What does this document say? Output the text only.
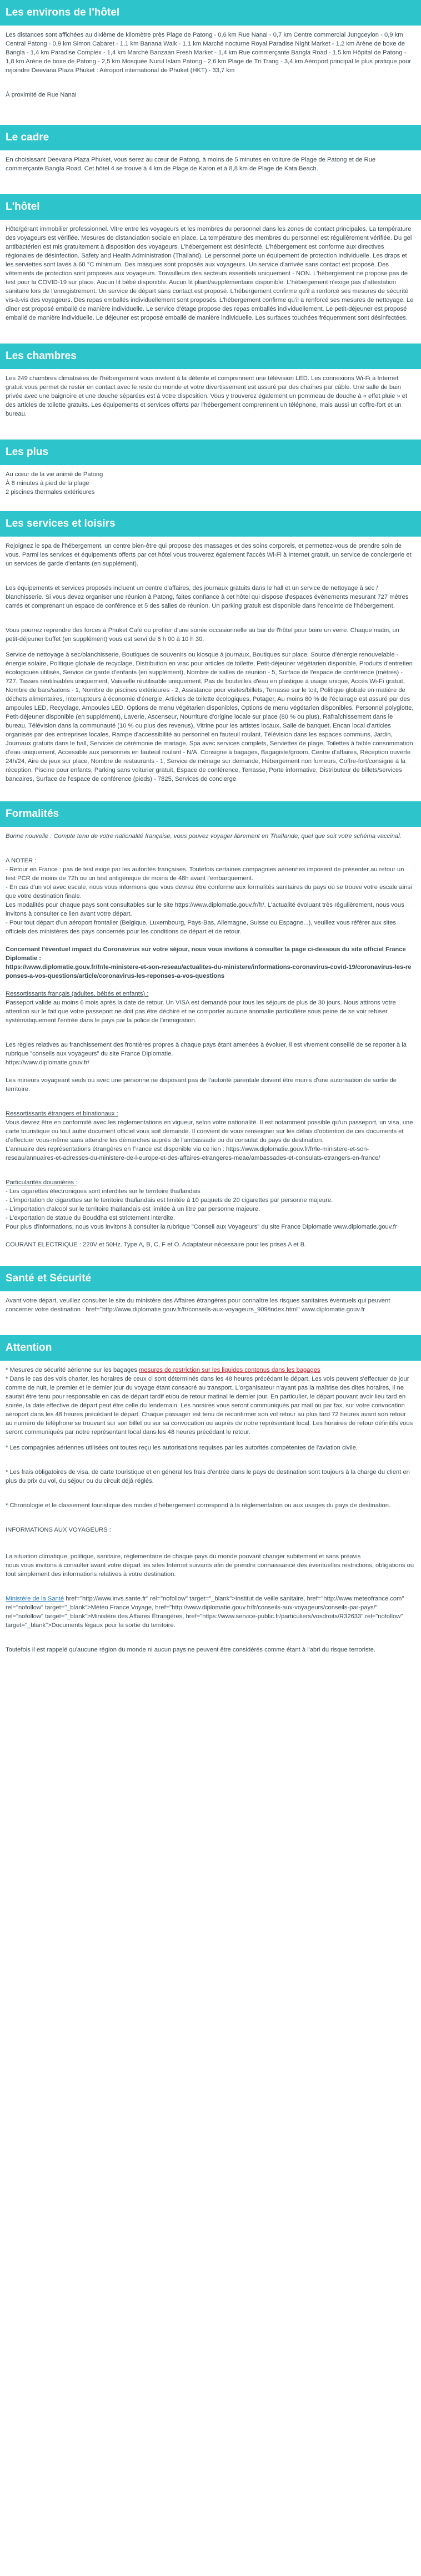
Les environs de l'hôtel

Les distances sont affichées au dixième de kilomètre près Plage de Patong - 0,6 km Rue Nanai - 0,7 km Centre commercial Jungceylon - 0,9 km Central Patong - 0,9 km Simon Cabaret - 1,1 km Banana Walk - 1,1 km Marché nocturne Royal Paradise Night Market - 1,2 km Arène de boxe de Bangla - 1,4 km Paradise Complex - 1,4 km Marché Banzaan Fresh Market - 1,4 km Rue commerçante Bangla Road - 1,5 km Hôpital de Patong - 1,8 km Arène de boxe de Patong - 2,5 km Mosquée Nurul Islam Patong - 2,6 km Plage de Tri Trang - 3,4 km Aéroport principal le plus pratique pour rejoindre Deevana Plaza Phuket : Aéroport international de Phuket (HKT) - 33,7 km

À proximité de Rue Nanai

Le cadre

En choisissant Deevana Plaza Phuket, vous serez au cœur de Patong, à moins de 5 minutes en voiture de Plage de Patong et de Rue commerçante Bangla Road. Cet hôtel 4 se trouve à 4 km de Plage de Karon et à 8,8 km de Plage de Kata Beach.

L'hôtel

Hôte/gérant immobilier professionnel. Vitre entre les voyageurs et les membres du personnel dans les zones de contact principales. La température des voyageurs est vérifiée. Mesures de distanciation sociale en place. La température des membres du personnel est régulièrement vérifiée. Du gel antibactérien est mis gratuitement à disposition des voyageurs. L'hébergement est désinfecté. L'hébergement est conforme aux directives régionales de désinfection. Safety and Health Administration (Thailand). Le personnel porte un équipement de protection individuelle. Les draps et les serviettes sont lavés à 60 °C minimum. Des masques sont proposés aux voyageurs. Un service d'arrivée sans contact est proposé. Des vêtements de protection sont proposés aux voyageurs. Travailleurs des secteurs essentiels uniquement - NON. L'hébergement ne propose pas de test pour la COVID-19 sur place. Aucun lit bébé disponible. Aucun lit pliant/supplémentaire disponible. L'hébergement n'exige pas d'attestation sanitaire lors de l'enregistrement. Un service de départ sans contact est proposé. L'hébergement confirme qu'il a renforcé ses mesures de sécurité vis-à-vis des voyageurs. Des repas emballés individuellement sont proposés. L'hébergement confirme qu'il a renforcé ses mesures de nettoyage. Le dîner est proposé emballé de manière individuelle. Le service d'étage propose des repas emballés individuellement. Le petit-déjeuner est proposé emballé de manière individuelle. Le déjeuner est proposé emballé de manière individuelle. Les surfaces touchées fréquemment sont désinfectées.

Les chambres

Les 249 chambres climatisées de l'hébergement vous invitent à la détente et comprennent une télévision LED. Les connexions Wi-Fi à Internet gratuit vous permet de rester en contact avec le reste du monde et votre divertissement est assuré par des chaînes par câble. Une salle de bain privée avec une baignoire et une douche séparées est à votre disposition. Vous y trouverez également un pommeau de douche à « effet pluie » et des articles de toilette gratuits. Les équipements et services offerts par l'hébergement comprennent un téléphone, mais aussi un coffre-fort et un bureau.

Les plus
Au cœur de la vie animé de Patong
À 8 minutes à pied de la plage
2 piscines thermales extérieures
Les services et loisirs

Rejoignez le spa de l'hébergement, un centre bien-être qui propose des massages et des soins corporels, et permettez-vous de prendre soin de vous. Parmi les services et équipements offerts par cet hôtel vous trouverez également l'accès Wi-Fi à Internet gratuit, un service de conciergerie et un services de garde d'enfants (en supplément).

Les équipements et services proposés incluent un centre d'affaires, des journaux gratuits dans le hall et un service de nettoyage à sec / blanchisserie. Si vous devez organiser une réunion à Patong, faites confiance à cet hôtel qui dispose d'espaces événements mesurant 727 mètres carrés et comprenant un espace de conférence et 5 des salles de réunion. Un parking gratuit est disponible dans l'enceinte de l'hébergement.

Vous pourrez reprendre des forces à Phuket Café ou profiter d'une soirée occasionnelle au bar de l'hôtel pour boire un verre. Chaque matin, un petit-déjeuner buffet (en supplément) vous est servi de 6 h 00 à 10 h 30.

Service de nettoyage à sec/blanchisserie, Boutiques de souvenirs ou kiosque à journaux, Boutiques sur place, Source d'énergie renouvelable - énergie solaire, Politique globale de recyclage, Distribution en vrac pour articles de toilette, Petit-déjeuner végétarien disponible, Produits d'entretien écologiques utilisés, Service de garde d'enfants (en supplément), Nombre de salles de réunion - 5, Surface de l'espace de conférence (mètres) - 727, Tasses réutilisables uniquement, Vaisselle réutilisable uniquement, Pas de bouteilles d'eau en plastique à usage unique, Accès Wi-Fi gratuit, Nombre de bars/salons - 1, Nombre de piscines extérieures - 2, Assistance pour visites/billets, Terrasse sur le toit, Politique globale en matière de déchets alimentaires, Interrupteurs à économie d'énergie, Articles de toilette écologiques, Potager, Au moins 80 % de l'éclairage est assuré par des ampoules LED, Recyclage, Ampoules LED, Options de menu végétarien disponibles, Options de menu végétarien disponibles, Personnel polyglotte, Petit-déjeuner disponible (en supplément), Laverie, Ascenseur, Nourriture d'origine locale sur place (80 % ou plus), Rafraîchissement dans le bureau, Télévision dans la communauté (10 % ou plus des revenus), Vitrine pour les artistes locaux, Salle de banquet, Encan local d'articles organisés par des entreprises locales, Rampe d'accessibilité au personnel en fauteuil roulant, Télévision dans les espaces communs, Jardin, Journaux gratuits dans le hall, Services de cérémonie de mariage, Spa avec services complets, Serviettes de plage, Toilettes à faible consommation d'eau uniquement, Accessible aux personnes en fauteuil roulant - N/A, Consigne à bagages, Bagagiste/groom, Centre d'affaires, Réception ouverte 24h/24, Aire de jeux sur place, Nombre de restaurants - 1, Service de ménage sur demande, Hébergement non fumeurs, Coffre-fort/consigne à la réception, Piscine pour enfants, Parking sans voiturier gratuit, Espace de conférence, Terrasse, Porte informative, Distributeur de billets/services bancaires, Surface de l'espace de conférence (pieds) - 7825, Services de concierge

Formalités

Bonne nouvelle : Compte tenu de votre nationalité française, vous pouvez voyager librement en Thaïlande, quel que soit votre schéma vaccinal.

A NOTER :
- Retour en France : pas de test exigé par les autorités françaises. Toutefois certaines compagnies aériennes imposent de présenter au retour un test PCR de moins de 72h ou un test antigénique de moins de 48h avant l'embarquement.
- En cas d'un vol avec escale, nous vous informons que vous devrez être conforme aux formalités sanitaires du pays où se trouve votre escale ainsi que votre destination finale.
Les modalités pour chaque pays sont consultables sur le site https://www.diplomatie.gouv.fr/fr/. L'actualité évoluant très régulièrement, nous vous invitons à consulter ce lien avant votre départ.
- Pour tout départ d'un aéroport frontalier (Belgique, Luxembourg, Pays-Bas, Allemagne, Suisse ou Espagne...), veuillez vous référer aux sites officiels des ministères des pays concernés pour les conditions de départ et de retour.
Concernant l'éventuel impact du Coronavirus sur votre séjour, nous vous invitons à consulter la page ci-dessous du site officiel France Diplomatie :
https://www.diplomatie.gouv.fr/fr/le-ministere-et-son-reseau/actualites-du-ministere/informations-coronavirus-covid-19/coronavirus-les-reponses-a-vos-questions/article/coronavirus-les-reponses-a-vos-questions
Ressortissants français (adultes, bébés et enfants) :

Passeport valide au moins 6 mois après la date de retour. Un VISA est demandé pour tous les séjours de plus de 30 jours. Nous attirons votre attention sur le fait que votre passeport ne doit pas être déchiré et ne comporter aucune anomalie particulière sous peine de se voir refuser systématiquement l'entrée dans le pays par la police de l'immigration.

Les règles relatives au franchissement des frontières propres à chaque pays étant amenées à évoluer, il est vivement conseillé de se reporter à la rubrique "conseils aux voyageurs" du site France Diplomatie.
https://www.diplomatie.gouv.fr/

Les mineurs voyageant seuls ou avec une personne ne disposant pas de l'autorité parentale doivent être munis d'une autorisation de sortie de territoire.

Ressortissants étrangers et binationaux :
Vous devrez être en conformité avec les réglementations en vigueur, selon votre nationalité. Il est notamment possible qu'un passeport, un visa, une carte touristique ou tout autre document officiel vous soit demandé. Il convient de vous renseigner sur les délais d'obtention de ces documents et d'effectuer vous-même sans attendre les démarches auprès de l'ambassade ou du consulat du pays de destination.

L'annuaire des représentations étrangères en France est disponible via ce lien : https://www.diplomatie.gouv.fr/fr/le-ministere-et-son-reseau/annuaires-et-adresses-du-ministere-de-l-europe-et-des-affaires-etrangeres-meae/ambassades-et-consulats-etrangers-en-france/

Particularités douanières :
- Les cigarettes électroniques sont interdites sur le territoire thaïlandais
- L'importation de cigarettes sur le territoire thaïlandais est limitée à 10 paquets de 20 cigarettes par personne majeure.
- L'importation d'alcool sur le territoire thaïlandais est limitée à un litre par personne majeure.
- L'exportation de statue du Bouddha est strictement interdite.
Pour plus d'informations, nous vous invitons à consulter la rubrique "Conseil aux Voyageurs" du site France Diplomatie www.diplomatie.gouv.fr
COURANT ELECTRIQUE : 220V et 50Hz. Type A, B, C, F et O. Adaptateur nécessaire pour les prises A et B.
Santé et Sécurité

Avant votre départ, veuillez consulter le site du ministère des Affaires étrangères pour connaître les risques sanitaires éventuels qui peuvent concerner votre destination : href="http://www.diplomatie.gouv.fr/fr/conseils-aux-voyageurs_909/index.html" www.diplomatie.gouv.fr

Attention
* Mesures de sécurité aérienne sur les bagages mesures de restriction sur les liquides contenus dans les bagages

* Dans le cas des vols charter, les horaires de ceux ci sont déterminés dans les 48 heures précédant le départ. Les vols peuvent s'effectuer de jour comme de nuit, le premier et le dernier jour du voyage étant consacré au transport. L'organisateur n'ayant pas la maîtrise des dites horaires, il ne saurait être tenu pour responsable en cas de départ tardif et/ou de retour matinal le dernier jour. En particulier, le départ pouvant avoir lieu tard en soirée, la date effective de départ peut être celle du lendemain. Les horaires vous seront communiqués par mail ou par fax, sur votre convocation aéroport dans les 48 heures précédant le départ. Chaque passager est tenu de reconfirmer son vol retour au plus tard 72 heures avant son retour au numéro de téléphone se trouvant sur son billet ou sur sa convocation ou auprès de notre représentant local. Les horaires de retour définitifs vous seront communiqués par notre représentant local dans les 48 heures précédant le retour.

* Les compagnies aériennes utilisées ont toutes reçu les autorisations requises par les autorités compétentes de l'aviation civile.

* Les frais obligatoires de visa, de carte touristique et en général les frais d'entrée dans le pays de destination sont toujours à la charge du client en plus du prix du vol, du séjour ou du circuit déjà réglés.

* Chronologie et le classement touristique des modes d'hébergement correspond à la réglementation ou aux usages du pays de destination.

INFORMATIONS AUX VOYAGEURS :
La situation climatique, politique, sanitaire, réglementaire de chaque pays du monde pouvant changer subitement et sans préavis

nous vous invitons à consulter avant votre départ les sites Internet suivants afin de prendre connaissance des éventuelles restrictions, obligations ou tout simplement des informations relatives à votre destination.

Ministère de la Santé href="http://www.invs.sante.fr" rel="nofollow" target="_blank">Institut de veille sanitaire, href="http://www.meteofrance.com" rel="nofollow" target="_blank">Météo France Voyage, href="http://www.diplomatie.gouv.fr/fr/conseils-aux-voyageurs/conseils-par-pays/" rel="nofollow" target="_blank">Ministère des Affaires Étrangères, href="https://www.service-public.fr/particuliers/vosdroits/R32633" rel="nofollow" target="_blank">Documents légaux pour la sortie du territoire.

Toutefois il est rappelé qu'aucune région du monde ni aucun pays ne peuvent être considérés comme étant à l'abri du risque terroriste.
